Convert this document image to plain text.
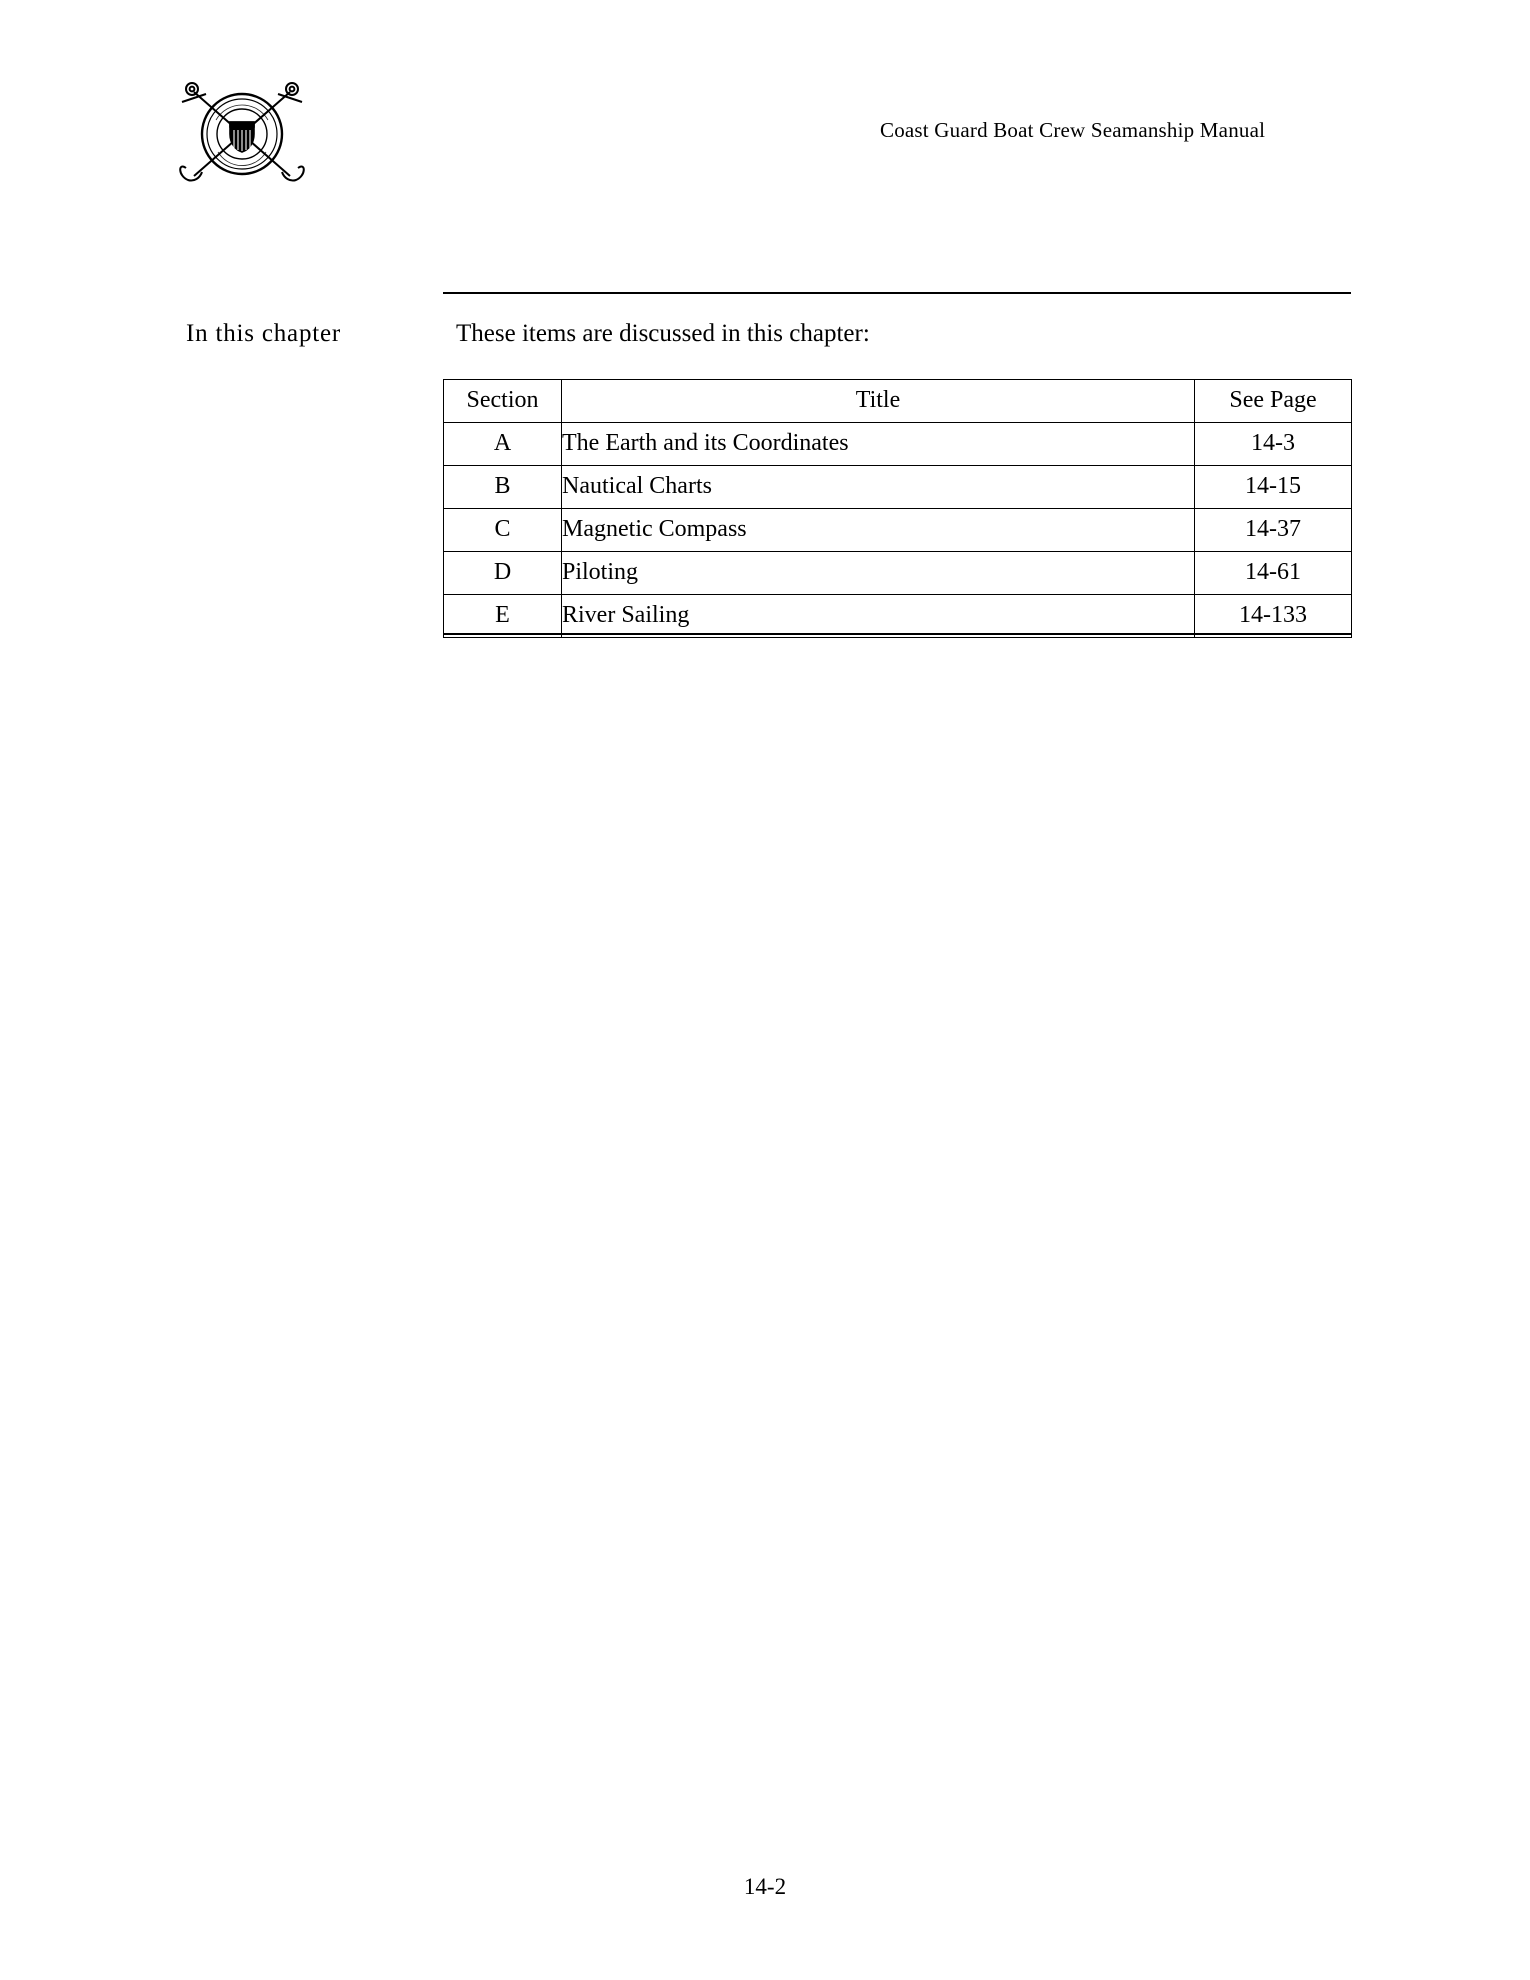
Coast Guard Boat Crew Seamanship Manual
In this chapter	These items are discussed in this chapter:
Section	Title	See Page
A	The Earth and its Coordinates	14-3
B	Nautical Charts	14-15
C	Magnetic Compass	14-37
D	Piloting	14-61
E	River Sailing	14-133
14-2
